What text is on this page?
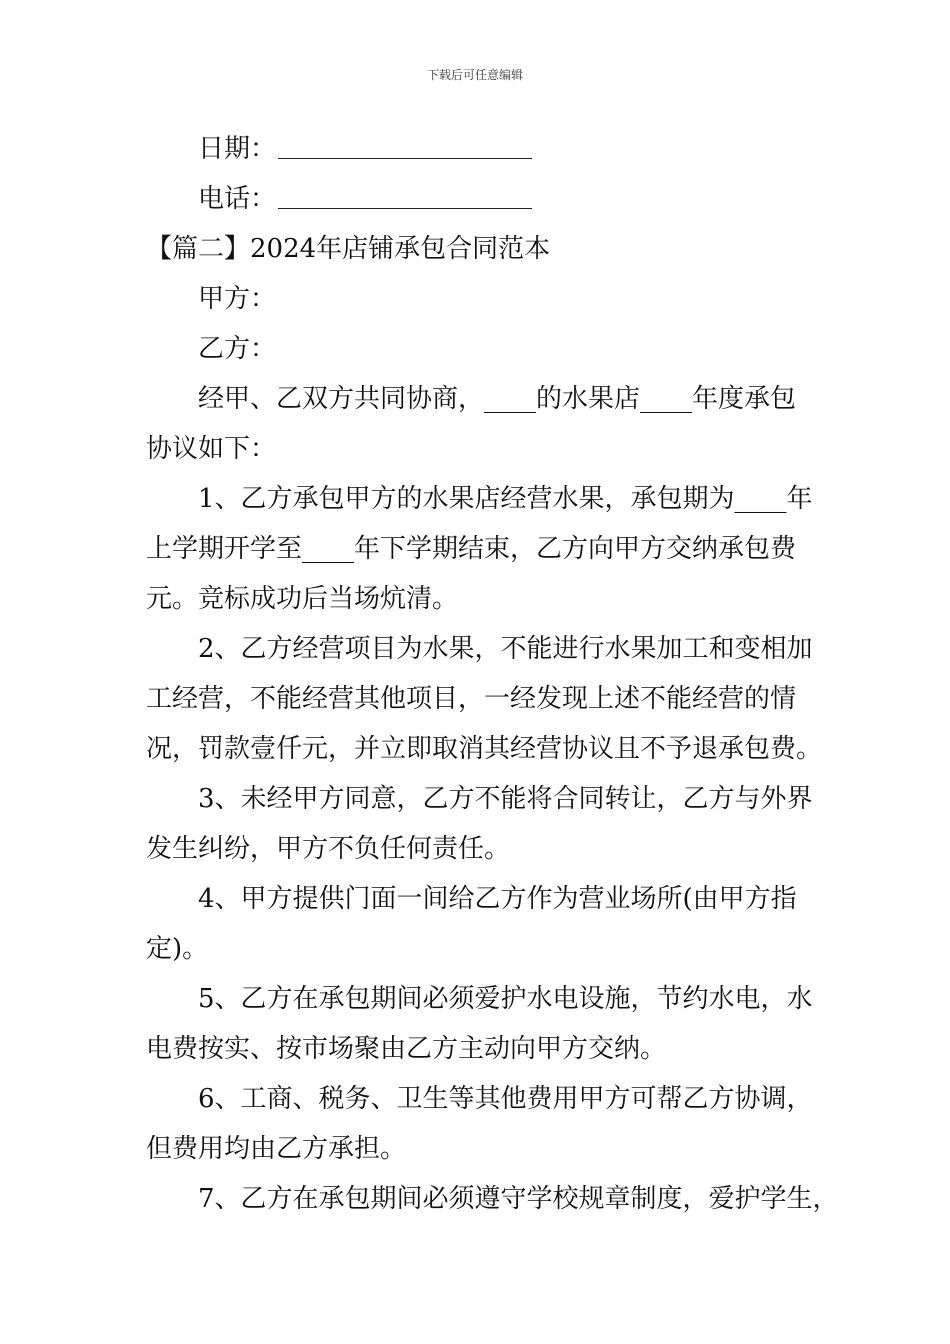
下载后可任意编辑
日期：
电话：
【篇二】2024年店铺承包合同范本
甲方：
乙方：
经甲、乙双方共同协商，____的水果店____年度承包
协议如下：
1、乙方承包甲方的水果店经营水果，承包期为____年
上学期开学至____年下学期结束，乙方向甲方交纳承包费
元。竞标成功后当场炕清。
2、乙方经营项目为水果，不能进行水果加工和变相加
工经营，不能经营其他项目，一经发现上述不能经营的情
况，罚款壹仟元，并立即取消其经营协议且不予退承包费。
3、未经甲方同意，乙方不能将合同转让，乙方与外界
发生纠纷，甲方不负任何责任。
4、甲方提供门面一间给乙方作为营业场所(由甲方指
定)。
5、乙方在承包期间必须爱护水电设施，节约水电，水
电费按实、按市场聚由乙方主动向甲方交纳。
6、工商、税务、卫生等其他费用甲方可帮乙方协调，
但费用均由乙方承担。
7、乙方在承包期间必须遵守学校规章制度，爱护学生，
